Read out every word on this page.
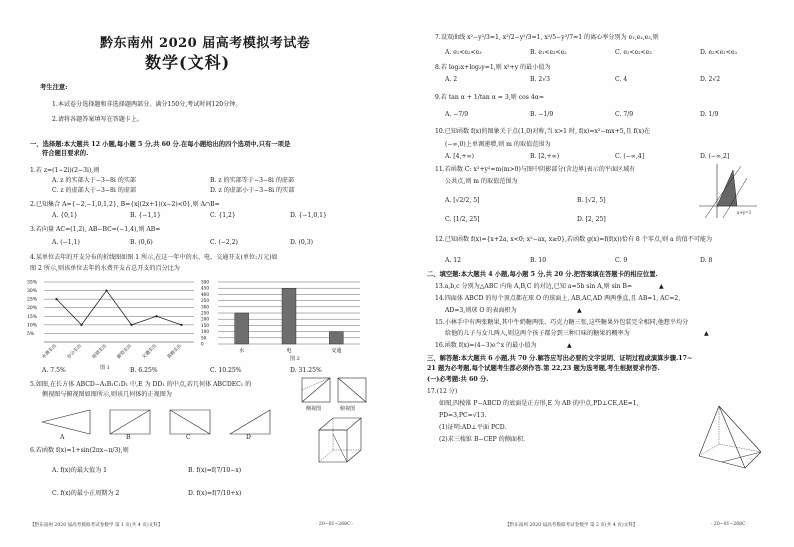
黔东南州 2020 届高考模拟考试卷
数学(文科)
考生注意:
1.本试卷分选择题和非选择题两部分。满分150分,考试时间120分钟。
2.请将各题答案填写在答题卡上。
一、选择题:本大题共 12 小题,每小题 5 分,共 60 分.在每小题给出的四个选项中,只有一项是
符合题目要求的.
1.若 z=(1−2i)(2−3i),则
A. z 的实部大于−3−8i 的实部	B. z 的实部等于−3−8i 的虚部
C. z 的虚部大于−3−8i 的虚部	D. z 的虚部小于−3−8i 的实部
2.已知集合 A={−2,−1,0,1,2}, B={x|(2x+1)(x−2)<0},则 A∩B=
A. {0,1}	B. {−1,1}	C. {1,2}	D. {−1,0,1}
3.若向量 AC=(1,2), AB−BC=(−1,4),则 AB=
A. (−1,1)	B. (0,6)	C. (−2,2)	D. (0,3)
4.某单位去年的开支分布的折线图如图 1 所示,在这一年中的水、电、交通开支(单位:万元)如
图 2 所示,则该单位去年的水费开支占总开支的百分比为
35%
30%
25%
20%
15%
10%
5%
水费支出	办公支出	培训支出	薪资支出	交通支出	其他支出
图 1
500
450
400
350
300
250
200
150
100
50
0
水	电	交通
图 2
A. 7.5%	B. 6.25%	C. 10.25%	D. 31.25%
5.如图,在长方体 ABCD−A₁B₁C₁D₁ 中,E 为 DD₁ 的中点,若几何体 ABCDEC₁ 的
侧视图与俯视图如图所示,则该几何体的正视图为
侧视图	俯视图
A	B	C	D
6.若函数 f(x)=1+sin(2πx−π/3),则
A. f(x)的最大值为 1	B. f(x)=f(7/10−x)
C. f(x)的最小正周期为 2	D. f(x)=f(7/10+x)
【黔东南州 2020 届高考模拟考试卷数学 第 1 页(共 4 页)文科】	· 20−01−268C ·
7.设双曲线 x²−y²/3=1, x²/2−y²/3=1, x²/5−y²/7=1 的离心率分别为 e₁,e₂,e₃,则
A. e₁<e₂<e₃	B. e₁<e₃<e₂	C. e₁<e₂<e₃	D. e₂<e₁<e₃
8.若 log₂x+log₂y=1,则 x²+y 的最小值为
A. 2	B. 2√3	C. 4	D. 2√2
9.若 tan α + 1/tan α = 3,则 cos 4α=
A. −7/9	B. −1/9	C. 7/9	D. 1/9
10.已知函数 f(x)的图象关于点(1,0)对称,当 x>1 时, f(x)=x²−mx+5,且 f(x)在
(−∞,0)上单调递增,则 m 的取值范围为
A. [4,+∞)	B. [2,+∞)	C. (−∞,4]	D. (−∞,2]
11.若函数 C: x²+y²=m(m>0)与图中阴影部分(含边界)表示的平面区域有
公共点,则 m 的取值范围为
A. [√2/2, 5]	B. [√2, 5]
C. [1/2, 25]	D. [2, 25]
x+y=1
12.已知函数 f(x)={x+2a, x<0; x²−ax, x≥0},若函数 g(x)=f(f(x))恰有 8 个零点,则 a 的值不可能为
A. 12	B. 10	C. 9	D. 8
二、填空题:本大题共 4 小题,每小题 5 分,共 20 分.把答案填在答题卡的相应位置.
13.a,b,c 分别为△ABC 内角 A,B,C 的对边,已知 a=5b sin A,则 sin B=	▲
14.四面体 ABCD 的每个顶点都在球 O 的球面上, AB,AC,AD 两两垂直,且 AB=1, AC=2,
AD=3,则球 O 的表面积为	▲
15.小林手中有两张糖果,其中牛奶糖两张、巧克力糖三张,这些糖果外包装完全相同,他想平均分
给他的儿子与女儿两人,则这两个孩子都分到三种口味的糖果的概率为	▲
16.函数 f(x)=(4−3)e^x 的最小值为	▲
三、解答题:本大题共 6 小题,共 70 分.解答应写出必要的文字说明、证明过程或演算步骤.17~
21 题为必考题,每个试题考生都必须作答.第 22,23 题为选考题,考生根据要求作答.
(一)必考题:共 60 分.
17.(12 分)
如图,四棱锥 P−ABCD 的底面是正方形,E 为 AB 的中点,PD⊥CE,AE=1,
PD=3,PC=√13.
(1)证明:AD⊥平面 PCD.
(2)求三棱锥 B−CEP 的侧面积.
【黔东南州 2020 届高考模拟考试卷数学 第 2 页(共 4 页)文科】	· 20−01−268C ·
